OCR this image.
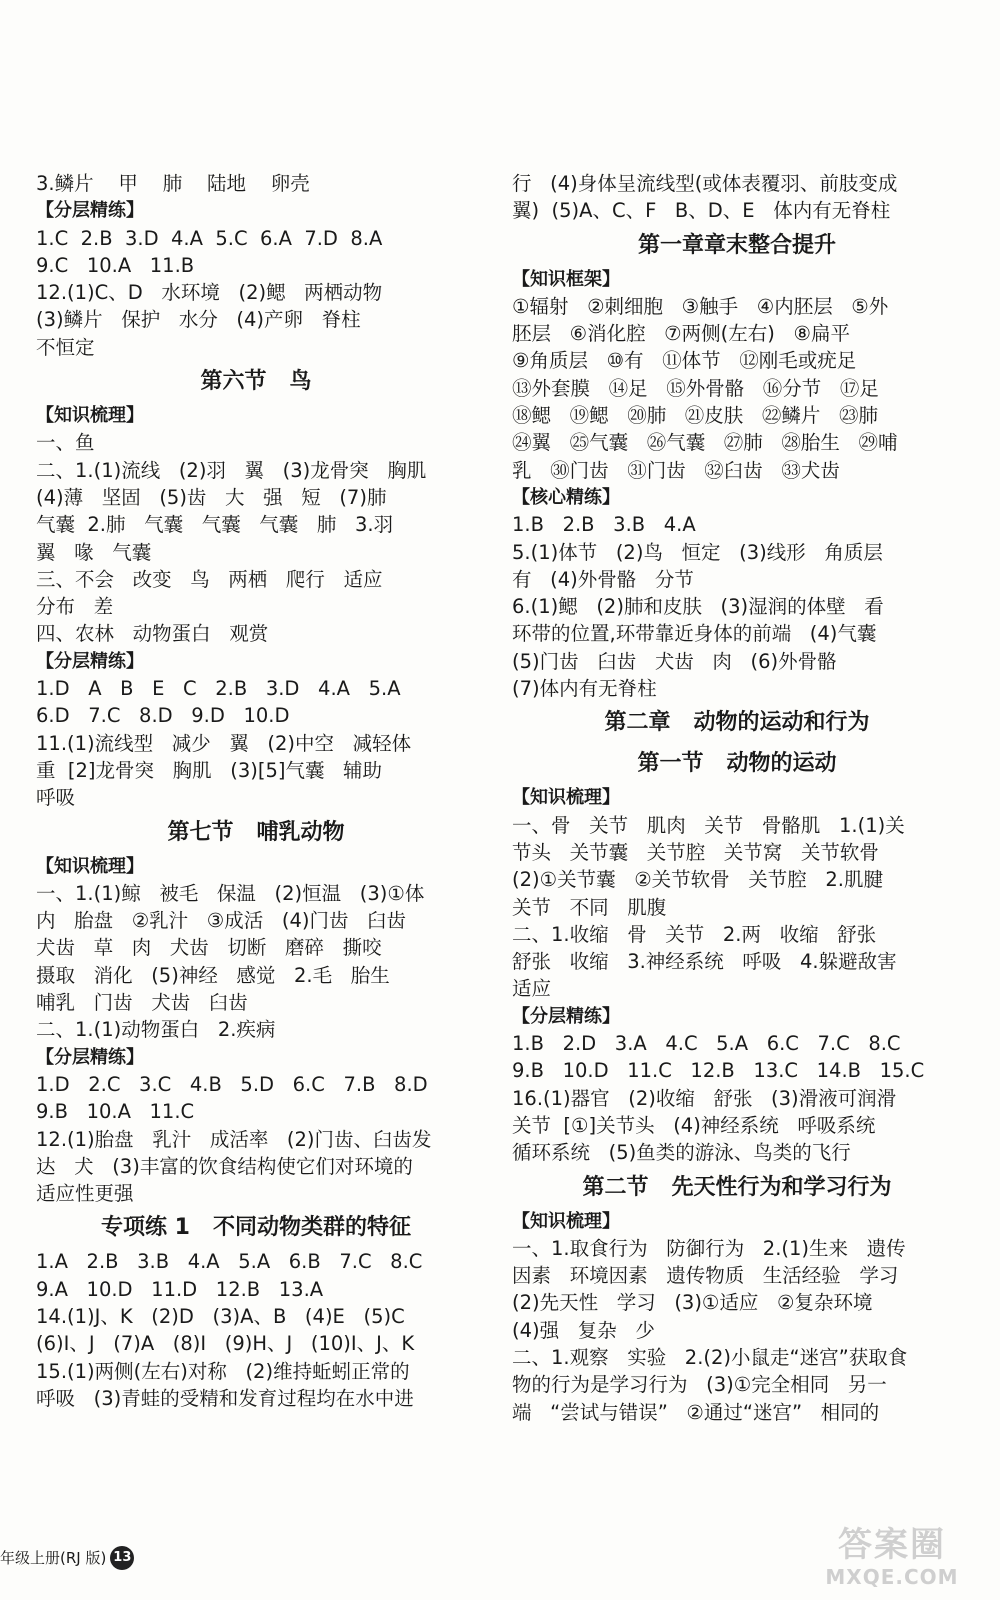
3.鳞片    甲    肺    陆地    卵壳
【分层精练】
1.C  2.B  3.D  4.A  5.C  6.A  7.D  8.A
9.C   10.A   11.B
12.(1)C、D   水环境   (2)鳃   两栖动物
(3)鳞片   保护   水分   (4)产卵   脊柱
不恒定
第六节   鸟
【知识梳理】
一、鱼
二、1.(1)流线   (2)羽   翼   (3)龙骨突   胸肌
(4)薄   坚固   (5)齿   大   强   短   (7)肺
气囊  2.肺   气囊   气囊   气囊   肺   3.羽
翼   喙   气囊
三、不会   改变   鸟   两栖   爬行   适应
分布   差
四、农林   动物蛋白   观赏
【分层精练】
1.D   A   B   E   C   2.B   3.D   4.A   5.A
6.D   7.C   8.D   9.D   10.D
11.(1)流线型   减少   翼   (2)中空   减轻体
重  [2]龙骨突   胸肌   (3)[5]气囊   辅助
呼吸
第七节   哺乳动物
【知识梳理】
一、1.(1)鲸   被毛   保温   (2)恒温   (3)①体
内   胎盘   ②乳汁   ③成活   (4)门齿   臼齿
犬齿   草   肉   犬齿   切断   磨碎   撕咬
摄取   消化   (5)神经   感觉   2.毛   胎生
哺乳   门齿   犬齿   臼齿
二、1.(1)动物蛋白   2.疾病
【分层精练】
1.D   2.C   3.C   4.B   5.D   6.C   7.B   8.D
9.B   10.A   11.C
12.(1)胎盘   乳汁   成活率   (2)门齿、臼齿发
达   犬   (3)丰富的饮食结构使它们对环境的
适应性更强
专项练 1   不同动物类群的特征
1.A   2.B   3.B   4.A   5.A   6.B   7.C   8.C
9.A   10.D   11.D   12.B   13.A
14.(1)J、K   (2)D   (3)A、B   (4)E   (5)C
(6)I、J   (7)A   (8)I   (9)H、J   (10)I、J、K
15.(1)两侧(左右)对称   (2)维持蚯蚓正常的
呼吸   (3)青蛙的受精和发育过程均在水中进
行   (4)身体呈流线型(或体表覆羽、前肢变成
翼)  (5)A、C、F   B、D、E   体内有无脊柱
第一章章末整合提升
【知识框架】
①辐射   ②刺细胞   ③触手   ④内胚层   ⑤外
胚层   ⑥消化腔   ⑦两侧(左右)   ⑧扁平
⑨角质层   ⑩有   ⑪体节   ⑫刚毛或疣足
⑬外套膜   ⑭足   ⑮外骨骼   ⑯分节   ⑰足
⑱鳃   ⑲鳃   ⑳肺   ㉑皮肤   ㉒鳞片   ㉓肺
㉔翼   ㉕气囊   ㉖气囊   ㉗肺   ㉘胎生   ㉙哺
乳   ㉚门齿   ㉛门齿   ㉜臼齿   ㉝犬齿
【核心精练】
1.B   2.B   3.B   4.A
5.(1)体节   (2)鸟   恒定   (3)线形   角质层
有   (4)外骨骼   分节
6.(1)鳃   (2)肺和皮肤   (3)湿润的体壁   看
环带的位置,环带靠近身体的前端   (4)气囊
(5)门齿   臼齿   犬齿   肉   (6)外骨骼
(7)体内有无脊柱
第二章   动物的运动和行为
第一节   动物的运动
【知识梳理】
一、骨   关节   肌肉   关节   骨骼肌   1.(1)关
节头   关节囊   关节腔   关节窝   关节软骨
(2)①关节囊   ②关节软骨   关节腔   2.肌腱
关节   不同   肌腹
二、1.收缩   骨   关节   2.两   收缩   舒张
舒张   收缩   3.神经系统   呼吸   4.躲避敌害
适应
【分层精练】
1.B   2.D   3.A   4.C   5.A   6.C   7.C   8.C
9.B   10.D   11.C   12.B   13.C   14.B   15.C
16.(1)器官   (2)收缩   舒张   (3)滑液可润滑
关节  [①]关节头   (4)神经系统   呼吸系统
循环系统   (5)鱼类的游泳、鸟类的飞行
第二节   先天性行为和学习行为
【知识梳理】
一、1.取食行为   防御行为   2.(1)生来   遗传
因素   环境因素   遗传物质   生活经验   学习
(2)先天性   学习   (3)①适应   ②复杂环境
(4)强   复杂   少
二、1.观察   实验   2.(2)小鼠走“迷宫”获取食
物的行为是学习行为   (3)①完全相同   另一
端   “尝试与错误”   ②通过“迷宫”   相同的
年级上册(RJ 版) 13	答案圈
MXQE.COM
